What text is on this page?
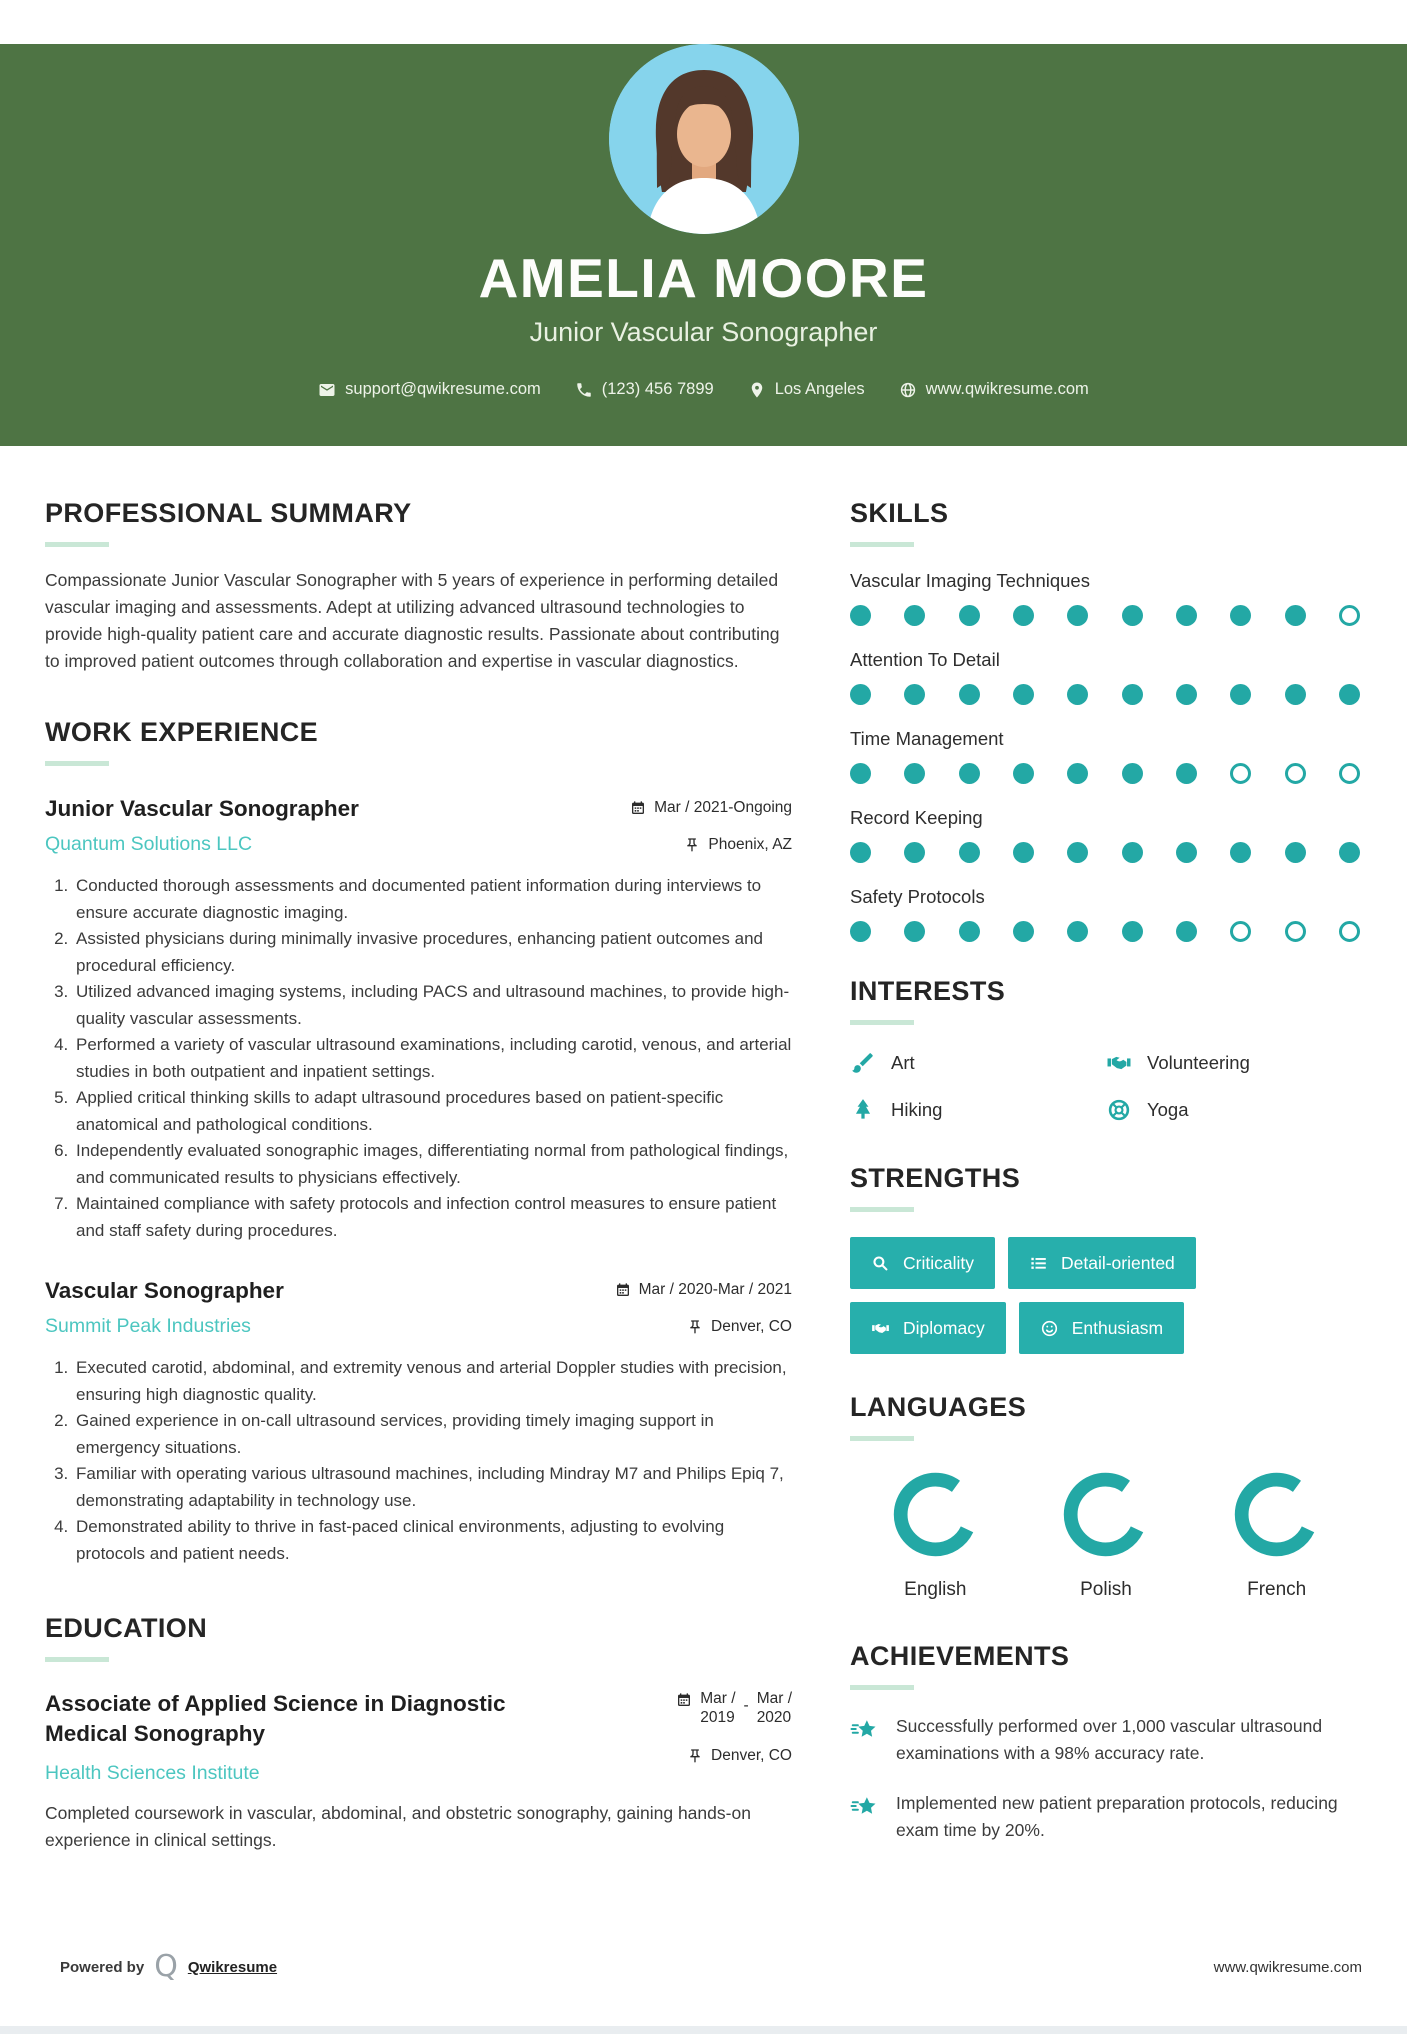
AMELIA MOORE
Junior Vascular Sonographer
support@qwikresume.com	(123) 456 7899	Los Angeles	www.qwikresume.com
PROFESSIONAL SUMMARY

Compassionate Junior Vascular Sonographer with 5 years of experience in performing detailed vascular imaging and assessments. Adept at utilizing advanced ultrasound technologies to provide high-quality patient care and accurate diagnostic results. Passionate about contributing to improved patient outcomes through collaboration and expertise in vascular diagnostics.

WORK EXPERIENCE
Junior Vascular Sonographer	Mar / 2021-Ongoing
Quantum Solutions LLC	Phoenix, AZ
1. Conducted thorough assessments and documented patient information during interviews to ensure accurate diagnostic imaging.
2. Assisted physicians during minimally invasive procedures, enhancing patient outcomes and procedural efficiency.
3. Utilized advanced imaging systems, including PACS and ultrasound machines, to provide high-quality vascular assessments.
4. Performed a variety of vascular ultrasound examinations, including carotid, venous, and arterial studies in both outpatient and inpatient settings.
5. Applied critical thinking skills to adapt ultrasound procedures based on patient-specific anatomical and pathological conditions.
6. Independently evaluated sonographic images, differentiating normal from pathological findings, and communicated results to physicians effectively.
7. Maintained compliance with safety protocols and infection control measures to ensure patient and staff safety during procedures.
Vascular Sonographer	Mar / 2020-Mar / 2021
Summit Peak Industries	Denver, CO
1. Executed carotid, abdominal, and extremity venous and arterial Doppler studies with precision, ensuring high diagnostic quality.
2. Gained experience in on-call ultrasound services, providing timely imaging support in emergency situations.
3. Familiar with operating various ultrasound machines, including Mindray M7 and Philips Epiq 7, demonstrating adaptability in technology use.
4. Demonstrated ability to thrive in fast-paced clinical environments, adjusting to evolving protocols and patient needs.
EDUCATION
Associate of Applied Science in Diagnostic Medical Sonography
Health Sciences Institute
Mar /
2019
- Mar /
2020
Denver, CO

Completed coursework in vascular, abdominal, and obstetric sonography, gaining hands-on experience in clinical settings.

SKILLS
Vascular Imaging Techniques
Attention To Detail
Time Management
Record Keeping
Safety Protocols
INTERESTS
Art	Volunteering
Hiking	Yoga
STRENGTHS
Criticality	Detail-oriented
Diplomacy	Enthusiasm
LANGUAGES
English	Polish	French
ACHIEVEMENTS
Successfully performed over 1,000 vascular ultrasound examinations with a 98% accuracy rate.
Implemented new patient preparation protocols, reducing exam time by 20%.
Powered by Q Qwikresume	www.qwikresume.com
